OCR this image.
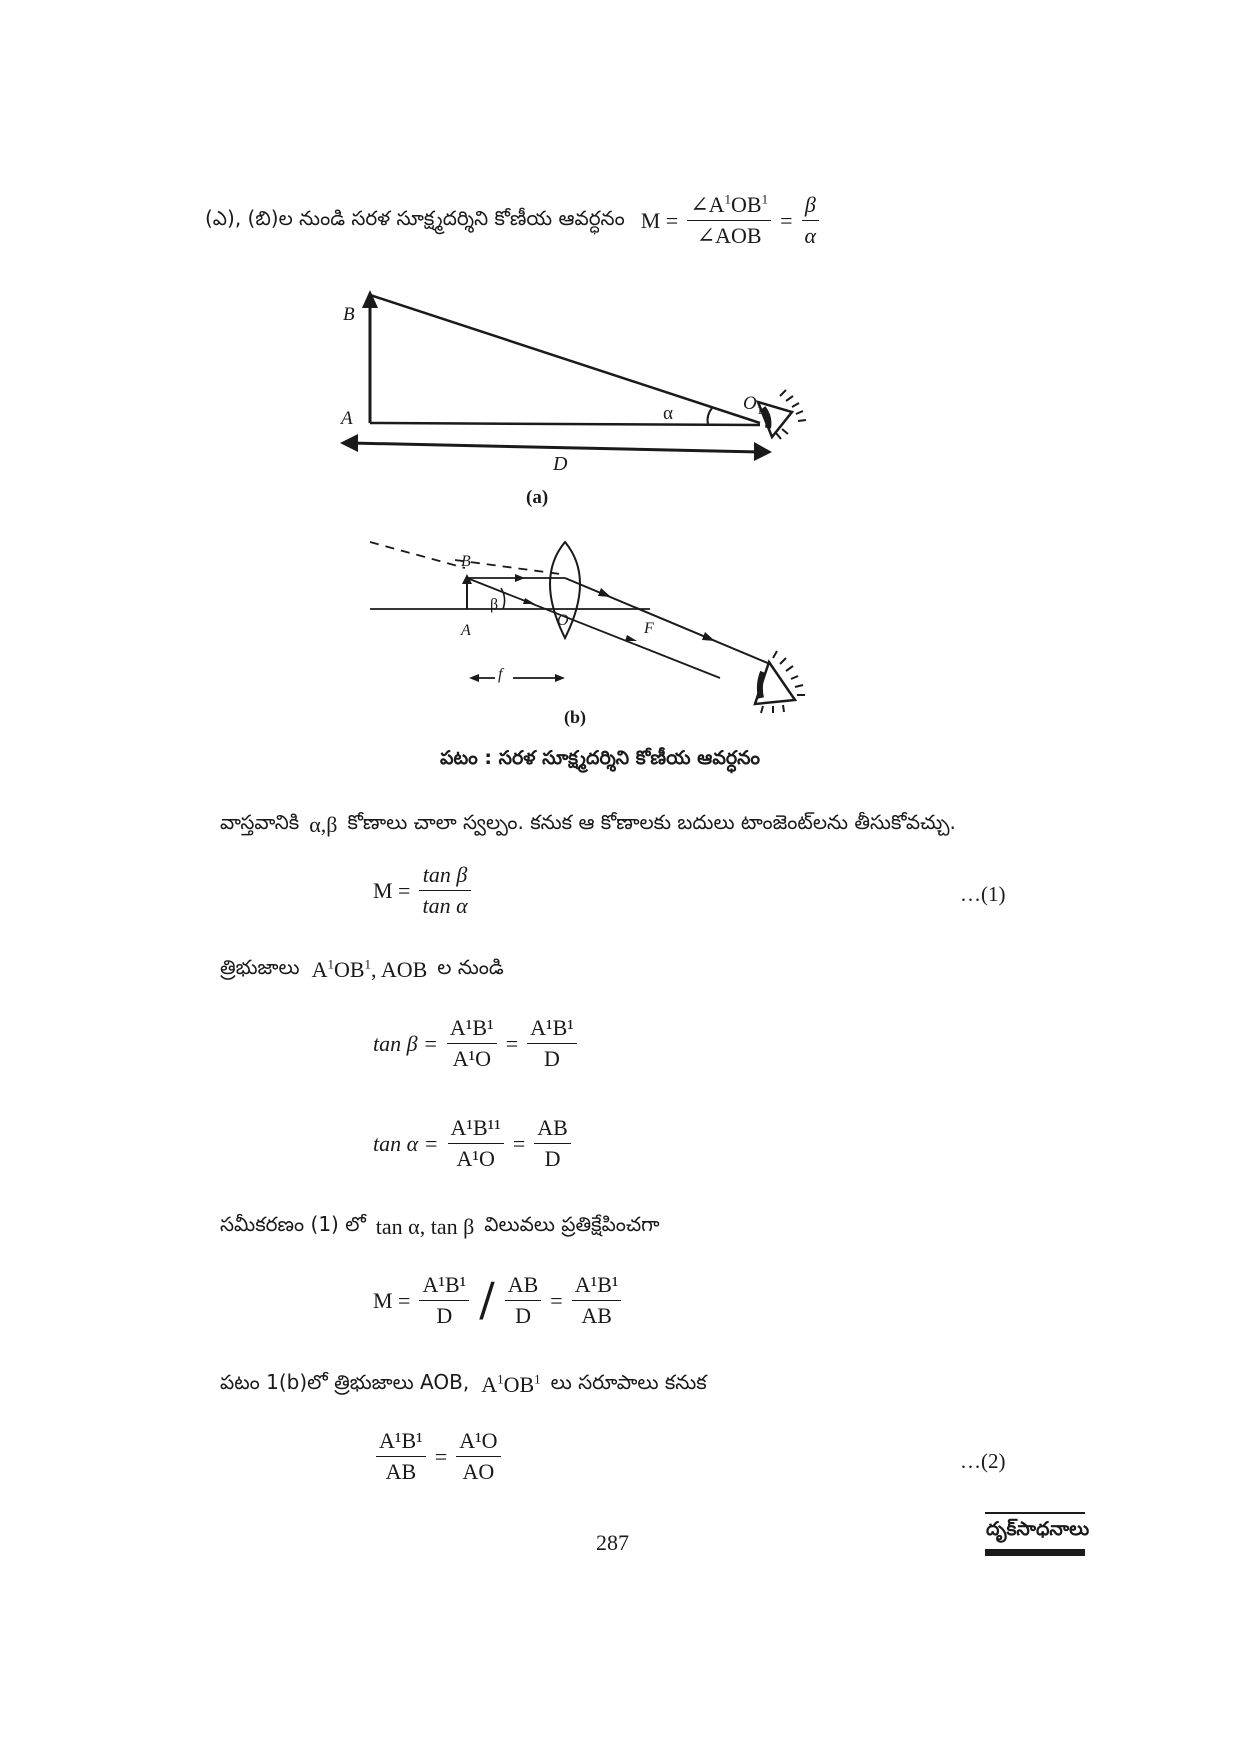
(ఎ), (బి)ల నుండి సరళ సూక్ష్మదర్శిని కోణీయ ఆవర్ధనం $M = \frac{\angle A^1OB^1}{\text{∠AOB}} = \frac{\beta}{\alpha}$
B
A	α	$O_1$
D
(a)
B
β
A
O	F
f
(b)
పటం : సరళ సూక్ష్మదర్శిని కోణీయ ఆవర్ధనం
వాస్తవానికి α,β కోణాలు చాలా స్వల్పం. కనుక ఆ కోణాలకు బదులు టాంజెంట్‌లను తీసుకోవచ్చు.
$M = \frac{\text{tan β}}{\text{tan α}}$	…(1)
త్రిభుజాలు $A^1OB^1$, AOB ల నుండి
$\tan \beta = \frac{\text{A¹B¹}}{\text{A¹O}} = \frac{\text{A¹B¹}}{D}$
$\tan \alpha = \frac{\text{A¹B¹¹}}{\text{A¹O}} = \frac{AB}{D}$
సమీకరణం (1) లో tan α, tan β విలువలు ప్రతిక్షేపించగా
$M = \frac{\text{A¹B¹}}{D} / \frac{AB}{D} = \frac{\text{A¹B¹}}{AB}$
పటం 1(b)లో త్రిభుజాలు AOB, $A^1OB^1$ లు సరూపాలు కనుక
$\frac{\text{A¹B¹}}{AB} = \frac{\text{A¹O}}{AO}$	…(2)
287
దృక్‌సాధనాలు
